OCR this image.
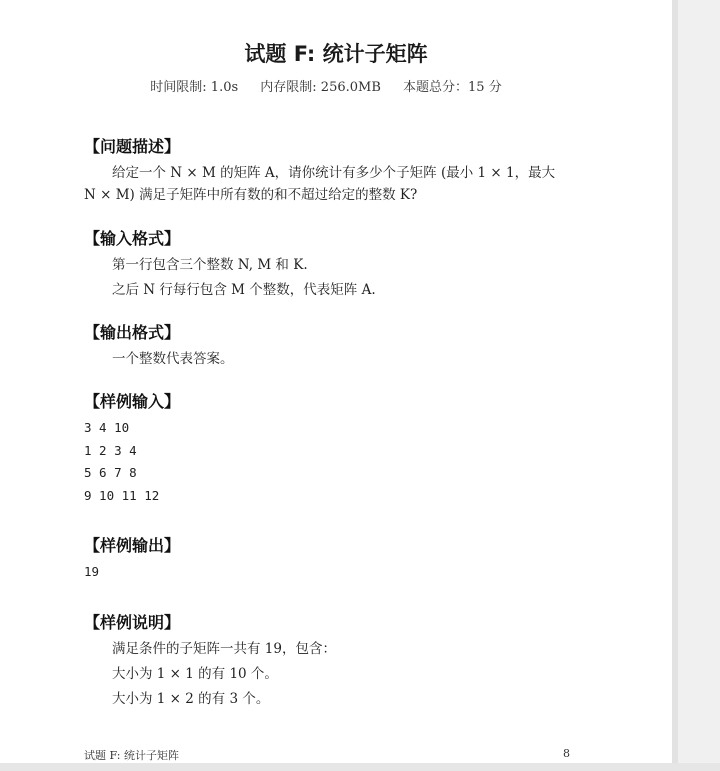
试题 F: 统计子矩阵
时间限制: 1.0s 内存限制: 256.0MB 本题总分：15 分
【问题描述】
给定一个 N × M 的矩阵 A，请你统计有多少个子矩阵 (最小 1 × 1，最大
N × M) 满足子矩阵中所有数的和不超过给定的整数 K?
【输入格式】
第一行包含三个整数 N, M 和 K.
之后 N 行每行包含 M 个整数，代表矩阵 A.
【输出格式】
一个整数代表答案。
【样例输入】
3 4 10
1 2 3 4
5 6 7 8
9 10 11 12
【样例输出】
19
【样例说明】
满足条件的子矩阵一共有 19，包含：
大小为 1 × 1 的有 10 个。
大小为 1 × 2 的有 3 个。
试题 F: 统计子矩阵	8
